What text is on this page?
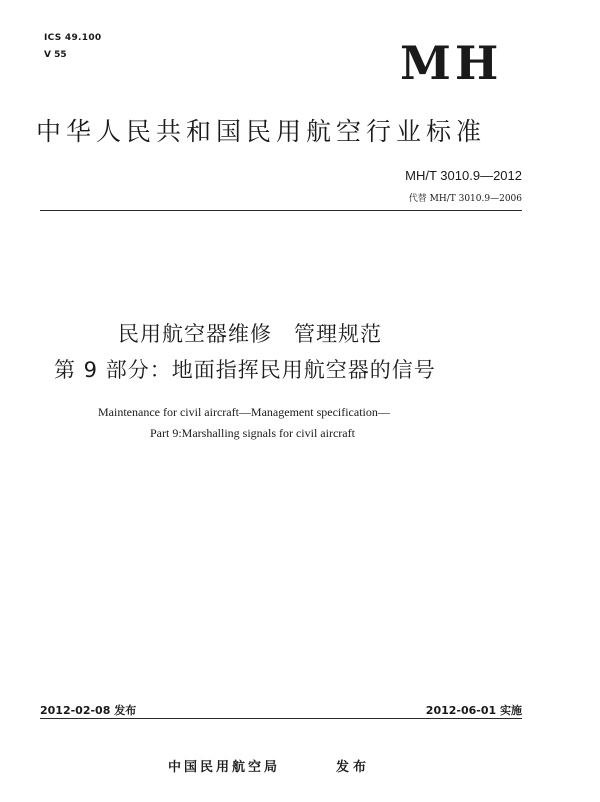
ICS 49.100
V 55	MH
中华人民共和国民用航空行业标准
MH/T 3010.9—2012
代替 MH/T 3010.9—2006
民用航空器维修　管理规范
第 9 部分：地面指挥民用航空器的信号
Maintenance for civil aircraft—Management specification—
Part 9:Marshalling signals for civil aircraft
2012-02-08 发布	2012-06-01 实施
中国民用航空局	发布
